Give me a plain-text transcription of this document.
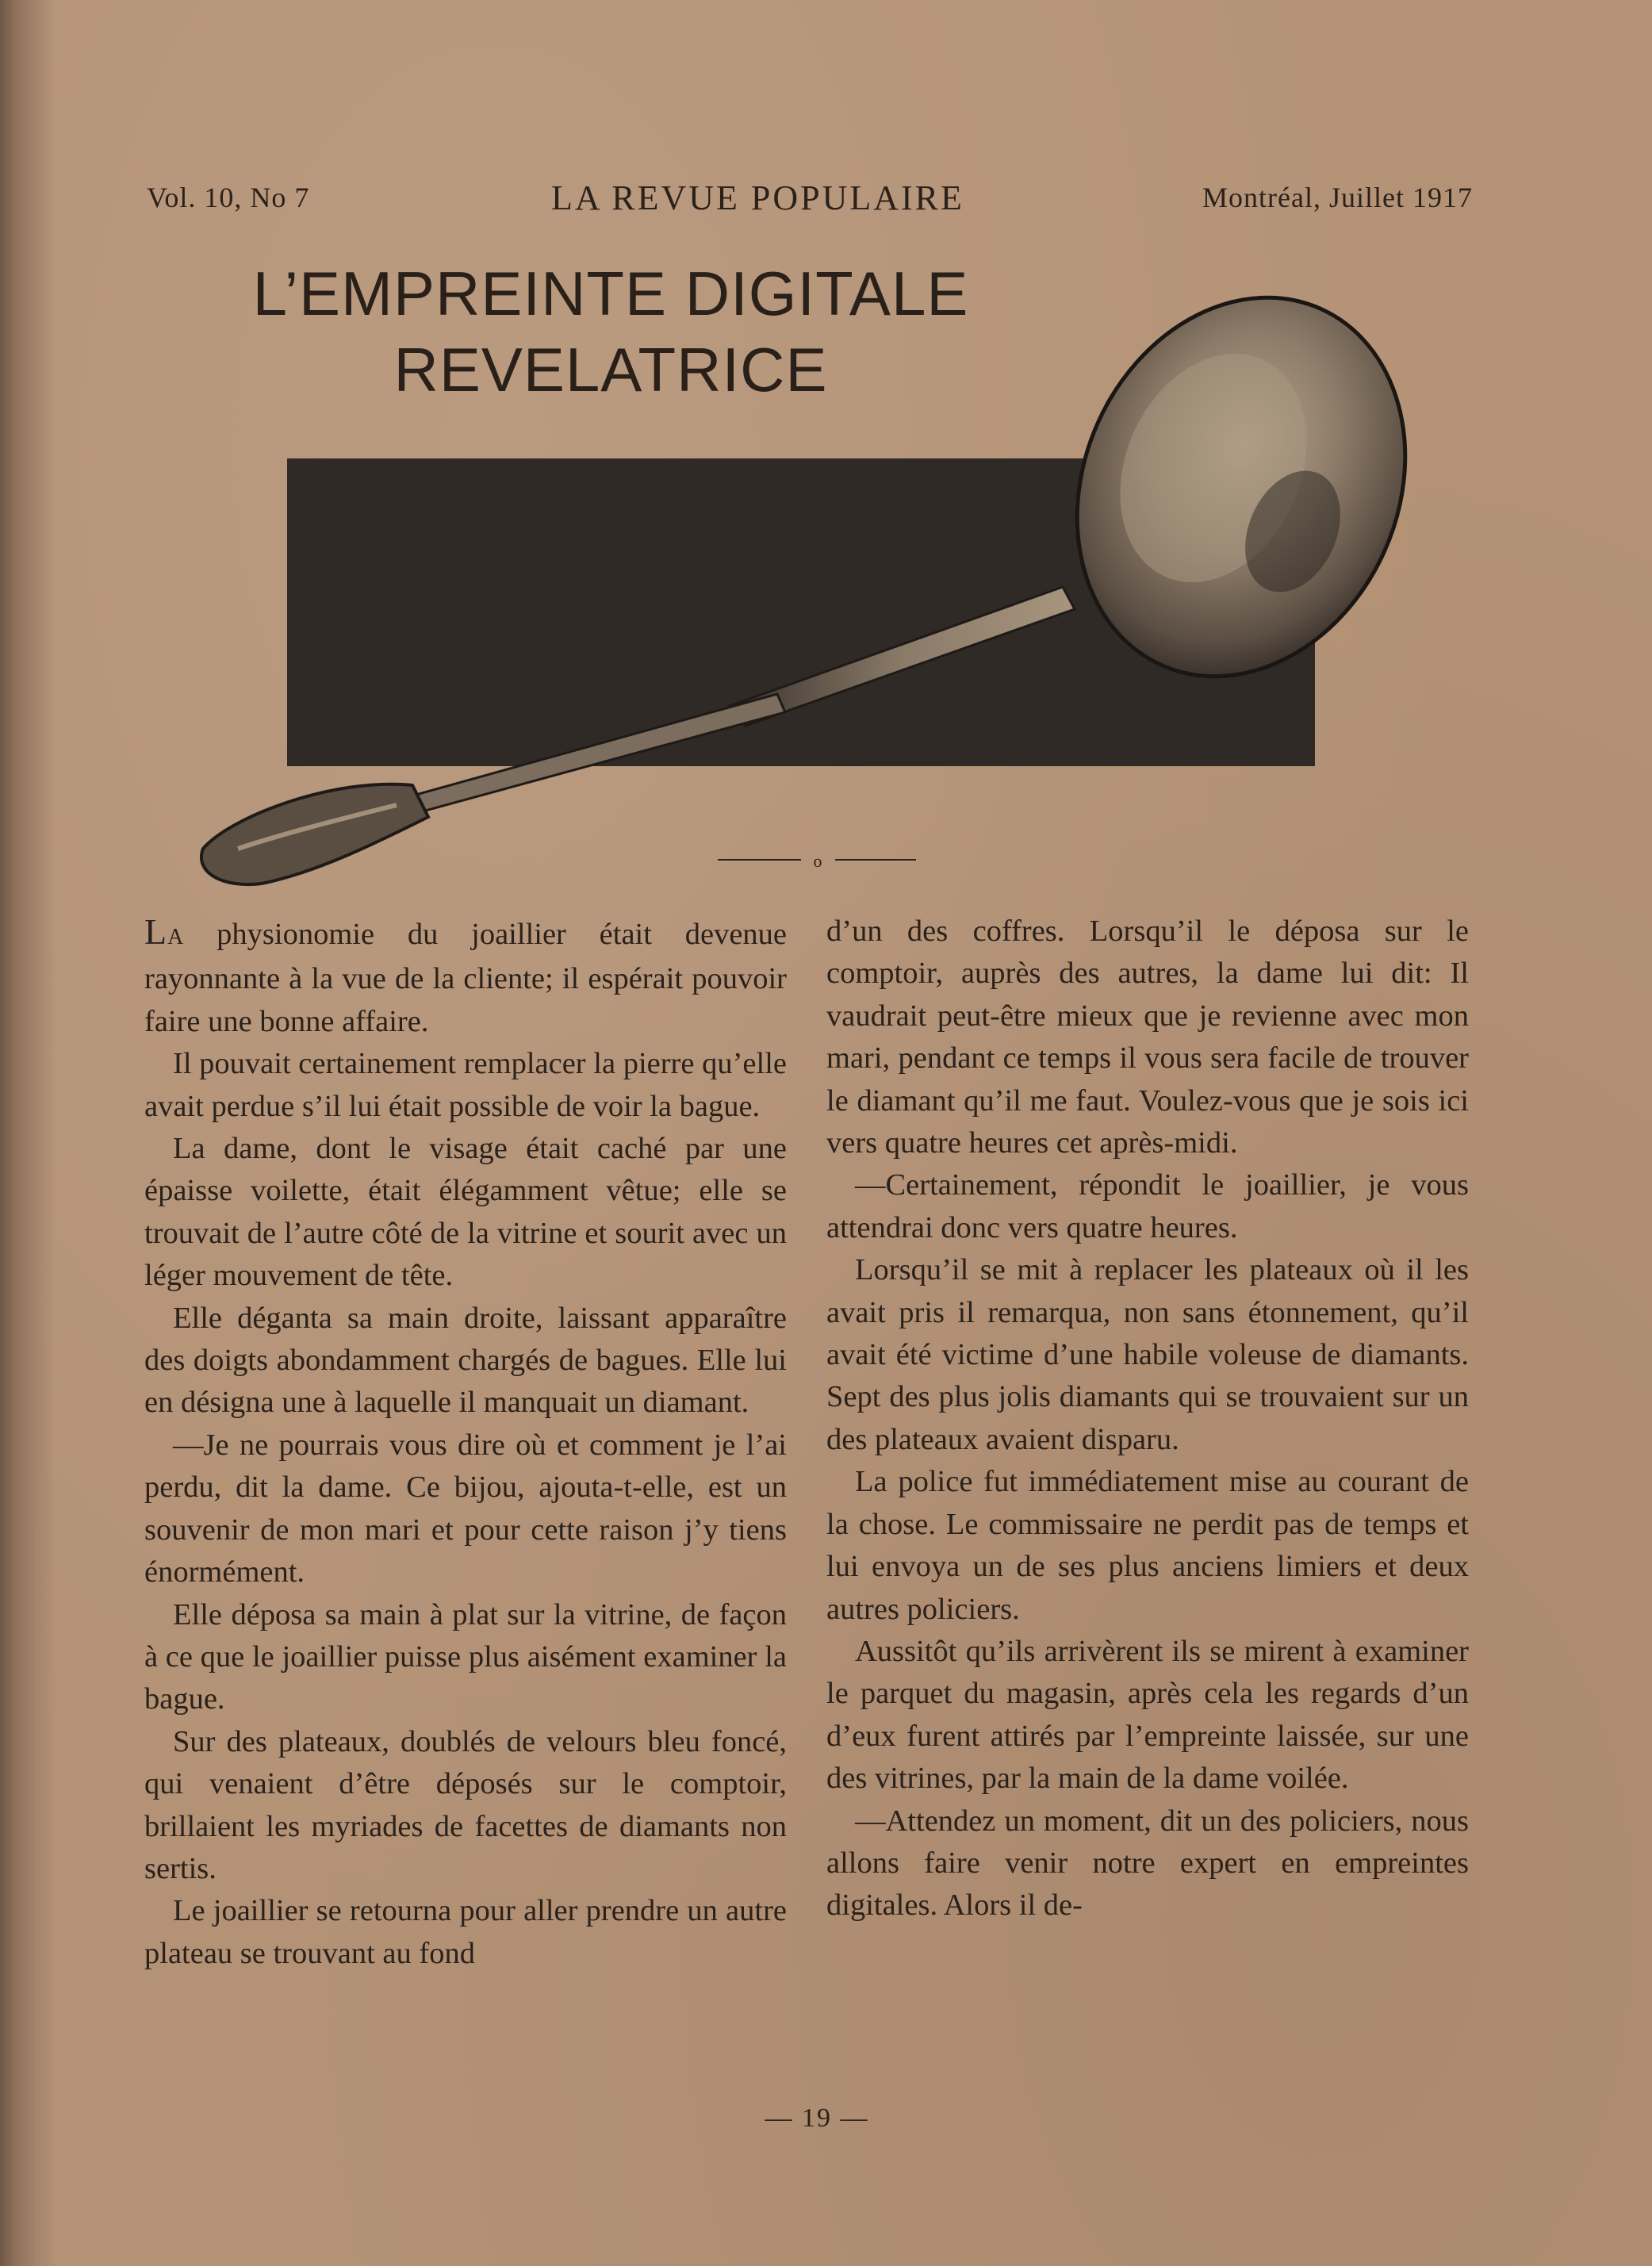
Vol. 10, No 7	LA REVUE POPULAIRE	Montréal, Juillet 1917
L’EMPREINTE DIGITALE
REVELATRICE
o

LA physionomie du joaillier était devenue rayonnante à la vue de la cliente; il espérait pouvoir faire une bonne affaire.

Il pouvait certainement remplacer la pierre qu’elle avait perdue s’il lui était possible de voir la bague.

La dame, dont le visage était caché par une épaisse voilette, était élégamment vêtue; elle se trouvait de l’autre côté de la vitrine et sourit avec un léger mouvement de tête.

Elle déganta sa main droite, laissant apparaître des doigts abondamment chargés de bagues. Elle lui en désigna une à laquelle il manquait un diamant.

—Je ne pourrais vous dire où et comment je l’ai perdu, dit la dame. Ce bijou, ajouta-t-elle, est un souvenir de mon mari et pour cette raison j’y tiens énormément.

Elle déposa sa main à plat sur la vitrine, de façon à ce que le joaillier puisse plus aisément examiner la bague.

Sur des plateaux, doublés de velours bleu foncé, qui venaient d’être déposés sur le comptoir, brillaient les myriades de facettes de diamants non sertis.

Le joaillier se retourna pour aller prendre un autre plateau se trouvant au fond

d’un des coffres. Lorsqu’il le déposa sur le comptoir, auprès des autres, la dame lui dit: Il vaudrait peut-être mieux que je revienne avec mon mari, pendant ce temps il vous sera facile de trouver le diamant qu’il me faut. Voulez-vous que je sois ici vers quatre heures cet après-midi.

—Certainement, répondit le joaillier, je vous attendrai donc vers quatre heures.

Lorsqu’il se mit à replacer les plateaux où il les avait pris il remarqua, non sans étonnement, qu’il avait été victime d’une habile voleuse de diamants. Sept des plus jolis diamants qui se trouvaient sur un des plateaux avaient disparu.

La police fut immédiatement mise au courant de la chose. Le commissaire ne perdit pas de temps et lui envoya un de ses plus anciens limiers et deux autres policiers.

Aussitôt qu’ils arrivèrent ils se mirent à examiner le parquet du magasin, après cela les regards d’un d’eux furent attirés par l’empreinte laissée, sur une des vitrines, par la main de la dame voilée.

—Attendez un moment, dit un des policiers, nous allons faire venir notre expert en empreintes digitales. Alors il de-

— 19 —
